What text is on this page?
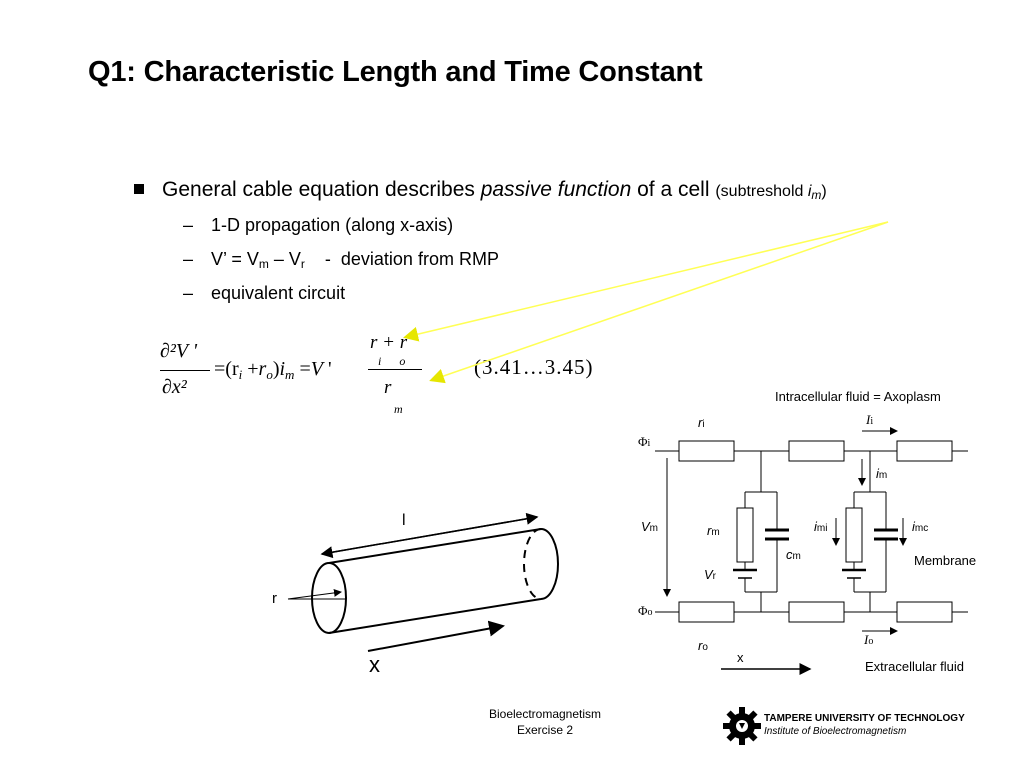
Q1: Characteristic Length and Time Constant
General cable equation describes passive function of a cell (subtreshold $i_m$)
– 1-D propagation (along x-axis)
– V’ = $V_m - V_r$    -  deviation from RMP
– equivalent circuit
∂²V '
∂x²
$=(r_i +r_o)i_m =V$ '
r + r
i      o
r
m
(3.41…3.45)
l
r
x
Intracellular fluid = Axoplasm
Extracellular fluid
Membrane
Φi
Φo
ri	Ii
im
Vm	rm
cm
Vr
imi	imc
ro
Io
x
Bioelectromagnetism
Exercise 2
TAMPERE UNIVERSITY OF TECHNOLOGY
Institute of Bioelectromagnetism
